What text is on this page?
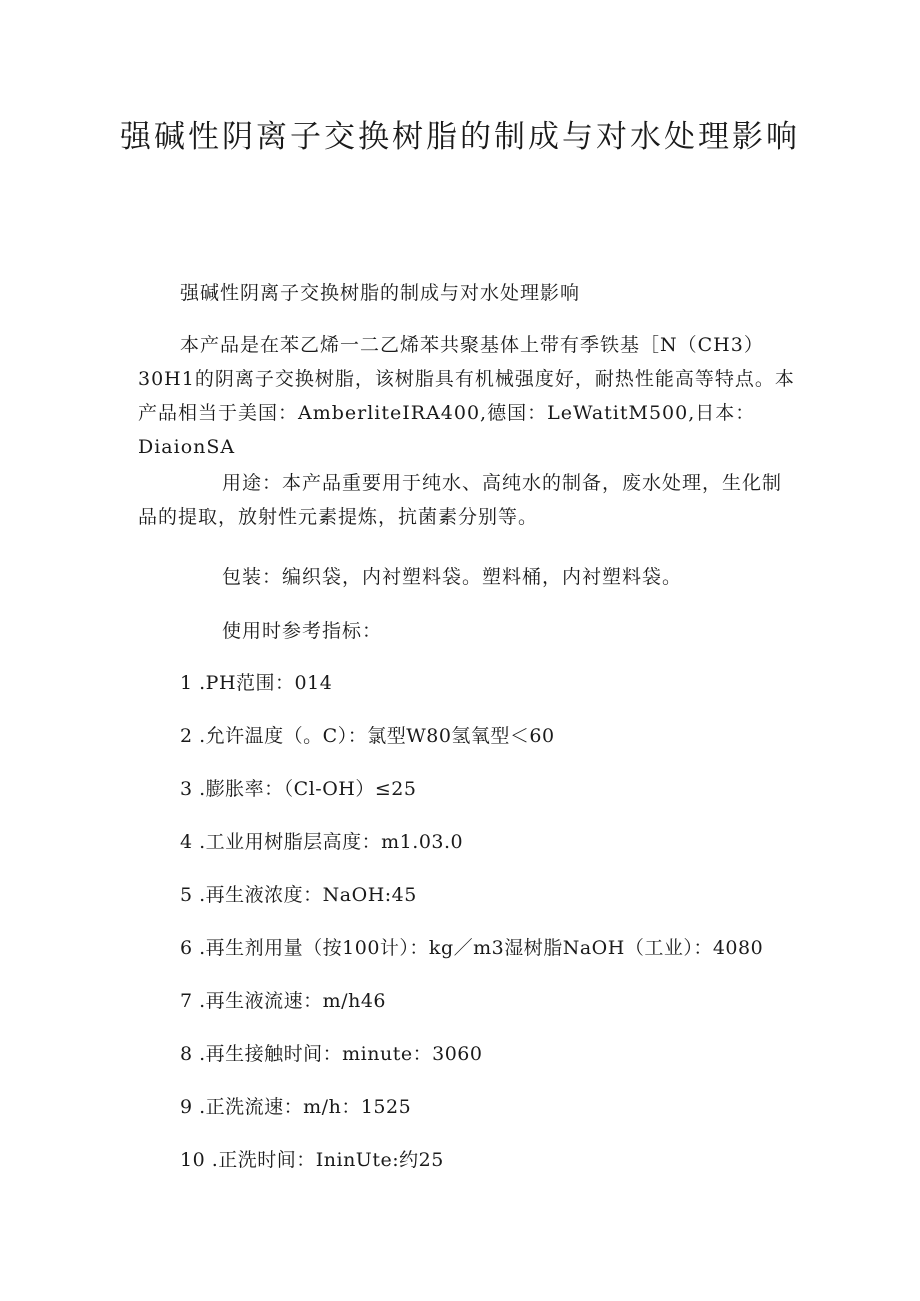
强碱性阴离子交换树脂的制成与对水处理影响

强碱性阴离子交换树脂的制成与对水处理影响

本产品是在苯乙烯一二乙烯苯共聚基体上带有季铁基［N（CH3）30H1的阴离子交换树脂，该树脂具有机械强度好，耐热性能高等特点。本产品相当于美国：AmberliteIRA400,德国：LeWatitM500,日本：DiaionSA

用途：本产品重要用于纯水、高纯水的制备，废水处理，生化制品的提取，放射性元素提炼，抗菌素分别等。

包装：编织袋，内衬塑料袋。塑料桶，内衬塑料袋。

使用时参考指标：

1 .PH范围：014
2 .允许温度（。C）：氯型W80氢氧型＜60
3 .膨胀率：（Cl-OH）≤25
4 .工业用树脂层高度：m1.03.0
5 .再生液浓度：NaOH:45
6 .再生剂用量（按100计）：kg／m3湿树脂NaOH（工业）：4080
7 .再生液流速：m/h46
8 .再生接触时间：minute：3060
9 .正洗流速：m/h：1525
10 .正洗时间：IninUte:约25
